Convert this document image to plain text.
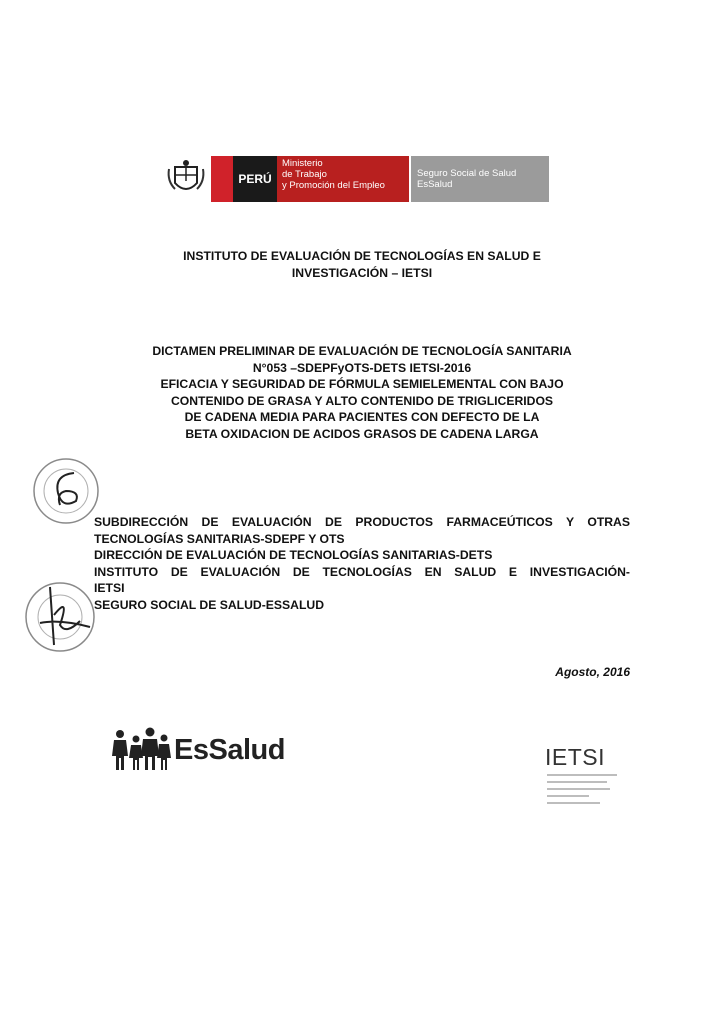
PERÚ
Ministerio
de Trabajo
y Promoción del Empleo
Seguro Social de Salud
EsSalud
INSTITUTO DE EVALUACIÓN DE TECNOLOGÍAS EN SALUD E
INVESTIGACIÓN – IETSI
DICTAMEN PRELIMINAR DE EVALUACIÓN DE TECNOLOGÍA SANITARIA
N°053 –SDEPFyOTS-DETS IETSI-2016
EFICACIA Y SEGURIDAD DE FÓRMULA SEMIELEMENTAL CON BAJO
CONTENIDO DE GRASA Y ALTO CONTENIDO DE TRIGLICERIDOS
DE CADENA MEDIA PARA PACIENTES CON DEFECTO DE LA
BETA OXIDACION DE ACIDOS GRASOS DE CADENA LARGA
SUBDIRECCIÓN DE EVALUACIÓN DE PRODUCTOS FARMACEÚTICOS Y OTRAS
TECNOLOGÍAS SANITARIAS-SDEPF Y OTS
DIRECCIÓN DE EVALUACIÓN DE TECNOLOGÍAS SANITARIAS-DETS
INSTITUTO DE EVALUACIÓN DE TECNOLOGÍAS EN SALUD E INVESTIGACIÓN-
IETSI
SEGURO SOCIAL DE SALUD-ESSALUD
Agosto, 2016
EsSalud	IETSI
